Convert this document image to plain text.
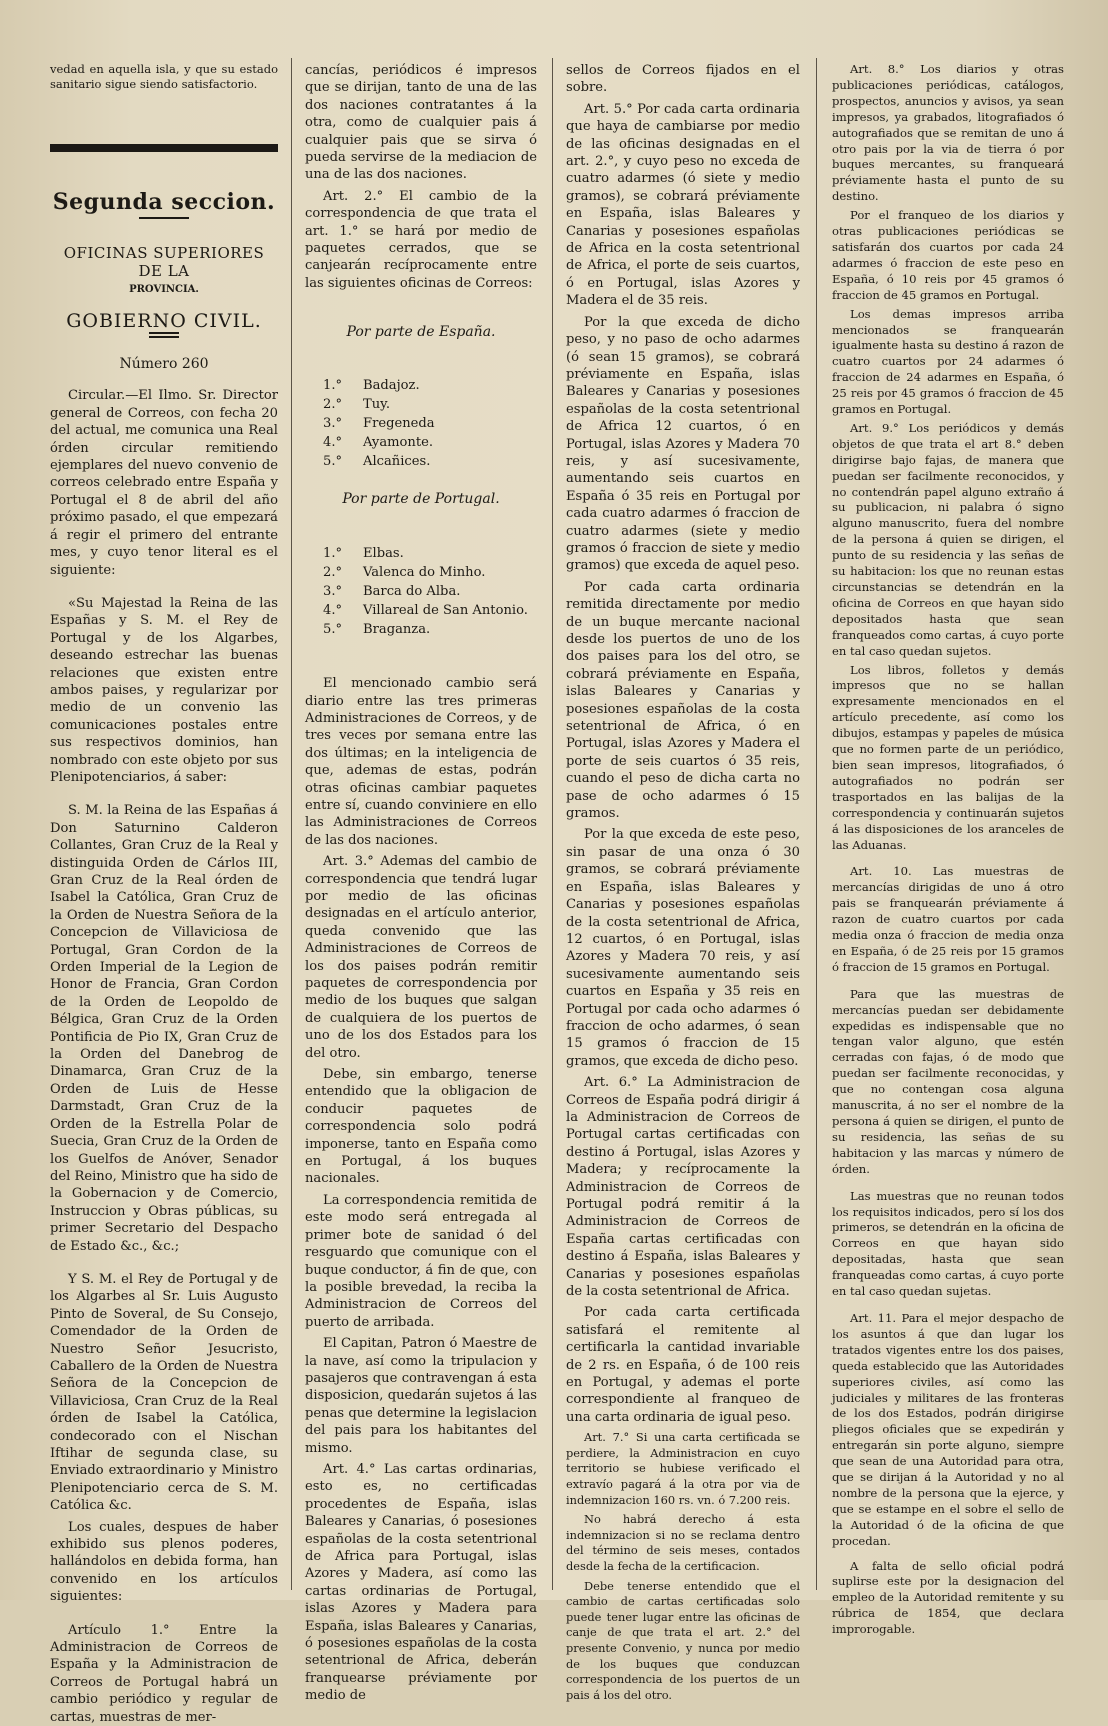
vedad en aquella isla, y que su estado sanitario sigue siendo satisfactorio.

Segunda seccion.
OFICINAS SUPERIORES DE LA
PROVINCIA.
GOBIERNO CIVIL.
Número 260

Circular.—El Ilmo. Sr. Director general de Correos, con fecha 20 del actual, me comunica una Real órden circular remitiendo ejemplares del nuevo convenio de correos celebrado entre España y Portugal el 8 de abril del año próximo pasado, el que empezará á regir el primero del entrante mes, y cuyo tenor literal es el siguiente:

«Su Majestad la Reina de las Españas y S. M. el Rey de Portugal y de los Algarbes, deseando estrechar las buenas relaciones que existen entre ambos paises, y regularizar por medio de un convenio las comunicaciones postales entre sus respectivos dominios, han nombrado con este objeto por sus Plenipotenciarios, á saber:

S. M. la Reina de las Españas á Don Saturnino Calderon Collantes, Gran Cruz de la Real y distinguida Orden de Cárlos III, Gran Cruz de la Real órden de Isabel la Católica, Gran Cruz de la Orden de Nuestra Señora de la Concepcion de Villaviciosa de Portugal, Gran Cordon de la Orden Imperial de la Legion de Honor de Francia, Gran Cordon de la Orden de Leopoldo de Bélgica, Gran Cruz de la Orden Pontificia de Pio IX, Gran Cruz de la Orden del Danebrog de Dinamarca, Gran Cruz de la Orden de Luis de Hesse Darmstadt, Gran Cruz de la Orden de la Estrella Polar de Suecia, Gran Cruz de la Orden de los Guelfos de Anóver, Senador del Reino, Ministro que ha sido de la Gobernacion y de Comercio, Instruccion y Obras públicas, su primer Secretario del Despacho de Estado &c., &c.;

Y S. M. el Rey de Portugal y de los Algarbes al Sr. Luis Augusto Pinto de Soveral, de Su Consejo, Comendador de la Orden de Nuestro Señor Jesucristo, Caballero de la Orden de Nuestra Señora de la Concepcion de Villaviciosa, Cran Cruz de la Real órden de Isabel la Católica, condecorado con el Nischan Iftihar de segunda clase, su Enviado extraordinario y Ministro Plenipotenciario cerca de S. M. Católica &c.

Los cuales, despues de haber exhibido sus plenos poderes, hallándolos en debida forma, han convenido en los artículos siguientes:

Artículo 1.° Entre la Administracion de Correos de España y la Administracion de Correos de Portugal habrá un cambio periódico y regular de cartas, muestras de mer-

cancías, periódicos é impresos que se dirijan, tanto de una de las dos naciones contratantes á la otra, como de cualquier pais á cualquier pais que se sirva ó pueda servirse de la mediacion de una de las dos naciones.

Art. 2.° El cambio de la correspondencia de que trata el art. 1.° se hará por medio de paquetes cerrados, que se canjearán recíprocamente entre las siguientes oficinas de Correos:

Por parte de España.
1.°	Badajoz.
2.°	Tuy.
3.°	Fregeneda
4.°	Ayamonte.
5.°	Alcañices.
Por parte de Portugal.
1.°	Elbas.
2.°	Valenca do Minho.
3.°	Barca do Alba.
4.°	Villareal de San Antonio.
5.°	Braganza.

El mencionado cambio será diario entre las tres primeras Administraciones de Correos, y de tres veces por semana entre las dos últimas; en la inteligencia de que, ademas de estas, podrán otras oficinas cambiar paquetes entre sí, cuando conviniere en ello las Administraciones de Correos de las dos naciones.

Art. 3.° Ademas del cambio de correspondencia que tendrá lugar por medio de las oficinas designadas en el artículo anterior, queda convenido que las Administraciones de Correos de los dos paises podrán remitir paquetes de correspondencia por medio de los buques que salgan de cualquiera de los puertos de uno de los dos Estados para los del otro.

Debe, sin embargo, tenerse entendido que la obligacion de conducir paquetes de correspondencia solo podrá imponerse, tanto en España como en Portugal, á los buques nacionales.

La correspondencia remitida de este modo será entregada al primer bote de sanidad ó del resguardo que comunique con el buque conductor, á fin de que, con la posible brevedad, la reciba la Administracion de Correos del puerto de arribada.

El Capitan, Patron ó Maestre de la nave, así como la tripulacion y pasajeros que contravengan á esta disposicion, quedarán sujetos á las penas que determine la legislacion del pais para los habitantes del mismo.

Art. 4.° Las cartas ordinarias, esto es, no certificadas procedentes de España, islas Baleares y Canarias, ó posesiones españolas de la costa setentrional de Africa para Portugal, islas Azores y Madera, así como las cartas ordinarias de Portugal, islas Azores y Madera para España, islas Baleares y Canarias, ó posesiones españolas de la costa setentrional de Africa, deberán franquearse préviamente por medio de

sellos de Correos fijados en el sobre.

Art. 5.° Por cada carta ordinaria que haya de cambiarse por medio de las oficinas designadas en el art. 2.°, y cuyo peso no exceda de cuatro adarmes (ó siete y medio gramos), se cobrará préviamente en España, islas Baleares y Canarias y posesiones españolas de Africa en la costa setentrional de Africa, el porte de seis cuartos, ó en Portugal, islas Azores y Madera el de 35 reis.

Por la que exceda de dicho peso, y no paso de ocho adarmes (ó sean 15 gramos), se cobrará préviamente en España, islas Baleares y Canarias y posesiones españolas de la costa setentrional de Africa 12 cuartos, ó en Portugal, islas Azores y Madera 70 reis, y así sucesivamente, aumentando seis cuartos en España ó 35 reis en Portugal por cada cuatro adarmes ó fraccion de cuatro adarmes (siete y medio gramos ó fraccion de siete y medio gramos) que exceda de aquel peso.

Por cada carta ordinaria remitida directamente por medio de un buque mercante nacional desde los puertos de uno de los dos paises para los del otro, se cobrará préviamente en España, islas Baleares y Canarias y posesiones españolas de la costa setentrional de Africa, ó en Portugal, islas Azores y Madera el porte de seis cuartos ó 35 reis, cuando el peso de dicha carta no pase de ocho adarmes ó 15 gramos.

Por la que exceda de este peso, sin pasar de una onza ó 30 gramos, se cobrará préviamente en España, islas Baleares y Canarias y posesiones españolas de la costa setentrional de Africa, 12 cuartos, ó en Portugal, islas Azores y Madera 70 reis, y así sucesivamente aumentando seis cuartos en España y 35 reis en Portugal por cada ocho adarmes ó fraccion de ocho adarmes, ó sean 15 gramos ó fraccion de 15 gramos, que exceda de dicho peso.

Art. 6.° La Administracion de Correos de España podrá dirigir á la Administracion de Correos de Portugal cartas certificadas con destino á Portugal, islas Azores y Madera; y recíprocamente la Administracion de Correos de Portugal podrá remitir á la Administracion de Correos de España cartas certificadas con destino á España, islas Baleares y Canarias y posesiones españolas de la costa setentrional de Africa.

Por cada carta certificada satisfará el remitente al certificarla la cantidad invariable de 2 rs. en España, ó de 100 reis en Portugal, y ademas el porte correspondiente al franqueo de una carta ordinaria de igual peso.

Art. 7.° Si una carta certificada se perdiere, la Administracion en cuyo territorio se hubiese verificado el extravío pagará á la otra por via de indemnizacion 160 rs. vn. ó 7.200 reis.

No habrá derecho á esta indemnizacion si no se reclama dentro del término de seis meses, contados desde la fecha de la certificacion.

Debe tenerse entendido que el cambio de cartas certificadas solo puede tener lugar entre las oficinas de canje de que trata el art. 2.° del presente Convenio, y nunca por medio de los buques que conduzcan correspondencia de los puertos de un pais á los del otro.

Art. 8.° Los diarios y otras publicaciones periódicas, catálogos, prospectos, anuncios y avisos, ya sean impresos, ya grabados, litografiados ó autografiados que se remitan de uno á otro pais por la via de tierra ó por buques mercantes, su franqueará préviamente hasta el punto de su destino.

Por el franqueo de los diarios y otras publicaciones periódicas se satisfarán dos cuartos por cada 24 adarmes ó fraccion de este peso en España, ó 10 reis por 45 gramos ó fraccion de 45 gramos en Portugal.

Los demas impresos arriba mencionados se franquearán igualmente hasta su destino á razon de cuatro cuartos por 24 adarmes ó fraccion de 24 adarmes en España, ó 25 reis por 45 gramos ó fraccion de 45 gramos en Portugal.

Art. 9.° Los periódicos y demás objetos de que trata el art 8.° deben dirigirse bajo fajas, de manera que puedan ser facilmente reconocidos, y no contendrán papel alguno extraño á su publicacion, ni palabra ó signo alguno manuscrito, fuera del nombre de la persona á quien se dirigen, el punto de su residencia y las señas de su habitacion: los que no reunan estas circunstancias se detendrán en la oficina de Correos en que hayan sido depositados hasta que sean franqueados como cartas, á cuyo porte en tal caso quedan sujetos.

Los libros, folletos y demás impresos que no se hallan expresamente mencionados en el artículo precedente, así como los dibujos, estampas y papeles de música que no formen parte de un periódico, bien sean impresos, litografiados, ó autografiados no podrán ser trasportados en las balijas de la correspondencia y continuarán sujetos á las disposiciones de los aranceles de las Aduanas.

Art. 10. Las muestras de mercancías dirigidas de uno á otro pais se franquearán préviamente á razon de cuatro cuartos por cada media onza ó fraccion de media onza en España, ó de 25 reis por 15 gramos ó fraccion de 15 gramos en Portugal.

Para que las muestras de mercancías puedan ser debidamente expedidas es indispensable que no tengan valor alguno, que estén cerradas con fajas, ó de modo que puedan ser facilmente reconocidas, y que no contengan cosa alguna manuscrita, á no ser el nombre de la persona á quien se dirigen, el punto de su residencia, las señas de su habitacion y las marcas y número de órden.

Las muestras que no reunan todos los requisitos indicados, pero sí los dos primeros, se detendrán en la oficina de Correos en que hayan sido depositadas, hasta que sean franqueadas como cartas, á cuyo porte en tal caso quedan sujetas.

Art. 11. Para el mejor despacho de los asuntos á que dan lugar los tratados vigentes entre los dos paises, queda establecido que las Autoridades superiores civiles, así como las judiciales y militares de las fronteras de los dos Estados, podrán dirigirse pliegos oficiales que se expedirán y entregarán sin porte alguno, siempre que sean de una Autoridad para otra, que se dirijan á la Autoridad y no al nombre de la persona que la ejerce, y que se estampe en el sobre el sello de la Autoridad ó de la oficina de que procedan.

A falta de sello oficial podrá suplirse este por la designacion del empleo de la Autoridad remitente y su rúbrica de 1854, que declara improrogable.
